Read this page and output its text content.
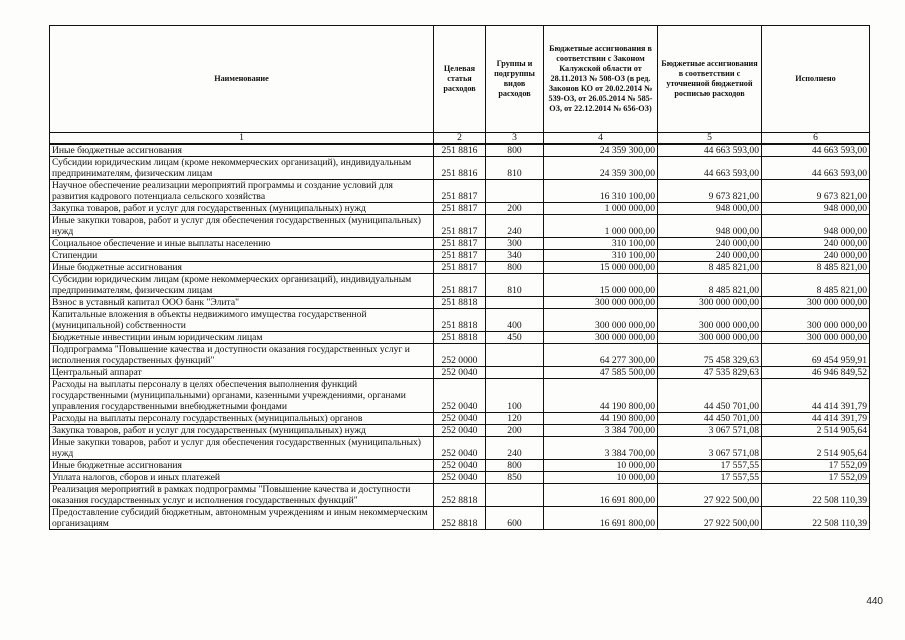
Наименование	Целевая статья расходов	Группы и подгруппы видов расходов	Бюджетные ассигнования в соответствии с Законом Калужской области от 28.11.2013 № 508-ОЗ (в ред. Законов КО от 20.02.2014 № 539-ОЗ, от 26.05.2014 № 585-ОЗ, от 22.12.2014 № 656-ОЗ)	Бюджетные ассигнования в соответствии с уточненной бюджетной росписью расходов	Исполнено
1	2	3	4	5	6
Иные бюджетные ассигнования	251 8816	800	24 359 300,00	44 663 593,00	44 663 593,00
Субсидии юридическим лицам (кроме некоммерческих организаций), индивидуальным предпринимателям, физическим лицам	251 8816	810	24 359 300,00	44 663 593,00	44 663 593,00
Научное обеспечение реализации мероприятий программы и создание условий для развития кадрового потенциала сельского хозяйства	251 8817		16 310 100,00	9 673 821,00	9 673 821,00
Закупка товаров, работ и услуг для государственных (муниципальных) нужд	251 8817	200	1 000 000,00	948 000,00	948 000,00
Иные закупки товаров, работ и услуг для обеспечения государственных (муниципальных) нужд	251 8817	240	1 000 000,00	948 000,00	948 000,00
Социальное обеспечение и иные выплаты населению	251 8817	300	310 100,00	240 000,00	240 000,00
Стипендии	251 8817	340	310 100,00	240 000,00	240 000,00
Иные бюджетные ассигнования	251 8817	800	15 000 000,00	8 485 821,00	8 485 821,00
Субсидии юридическим лицам (кроме некоммерческих организаций), индивидуальным предпринимателям, физическим лицам	251 8817	810	15 000 000,00	8 485 821,00	8 485 821,00
Взнос в уставный капитал ООО банк "Элита"	251 8818		300 000 000,00	300 000 000,00	300 000 000,00
Капитальные вложения в объекты недвижимого имущества государственной (муниципальной) собственности	251 8818	400	300 000 000,00	300 000 000,00	300 000 000,00
Бюджетные инвестиции иным юридическим лицам	251 8818	450	300 000 000,00	300 000 000,00	300 000 000,00
Подпрограмма "Повышение качества и доступности оказания государственных услуг и исполнения государственных функций"	252 0000		64 277 300,00	75 458 329,63	69 454 959,91
Центральный аппарат	252 0040		47 585 500,00	47 535 829,63	46 946 849,52
Расходы на выплаты персоналу в целях обеспечения выполнения функций государственными (муниципальными) органами, казенными учреждениями, органами управления государственными внебюджетными фондами	252 0040	100	44 190 800,00	44 450 701,00	44 414 391,79
Расходы на выплаты персоналу государственных (муниципальных) органов	252 0040	120	44 190 800,00	44 450 701,00	44 414 391,79
Закупка товаров, работ и услуг для государственных (муниципальных) нужд	252 0040	200	3 384 700,00	3 067 571,08	2 514 905,64
Иные закупки товаров, работ и услуг для обеспечения государственных (муниципальных) нужд	252 0040	240	3 384 700,00	3 067 571,08	2 514 905,64
Иные бюджетные ассигнования	252 0040	800	10 000,00	17 557,55	17 552,09
Уплата налогов, сборов и иных платежей	252 0040	850	10 000,00	17 557,55	17 552,09
Реализация мероприятий в рамках подпрограммы "Повышение качества и доступности оказания государственных услуг и исполнения государственных функций"	252 8818		16 691 800,00	27 922 500,00	22 508 110,39
Предоставление субсидий бюджетным, автономным учреждениям и иным некоммерческим организациям	252 8818	600	16 691 800,00	27 922 500,00	22 508 110,39
440
